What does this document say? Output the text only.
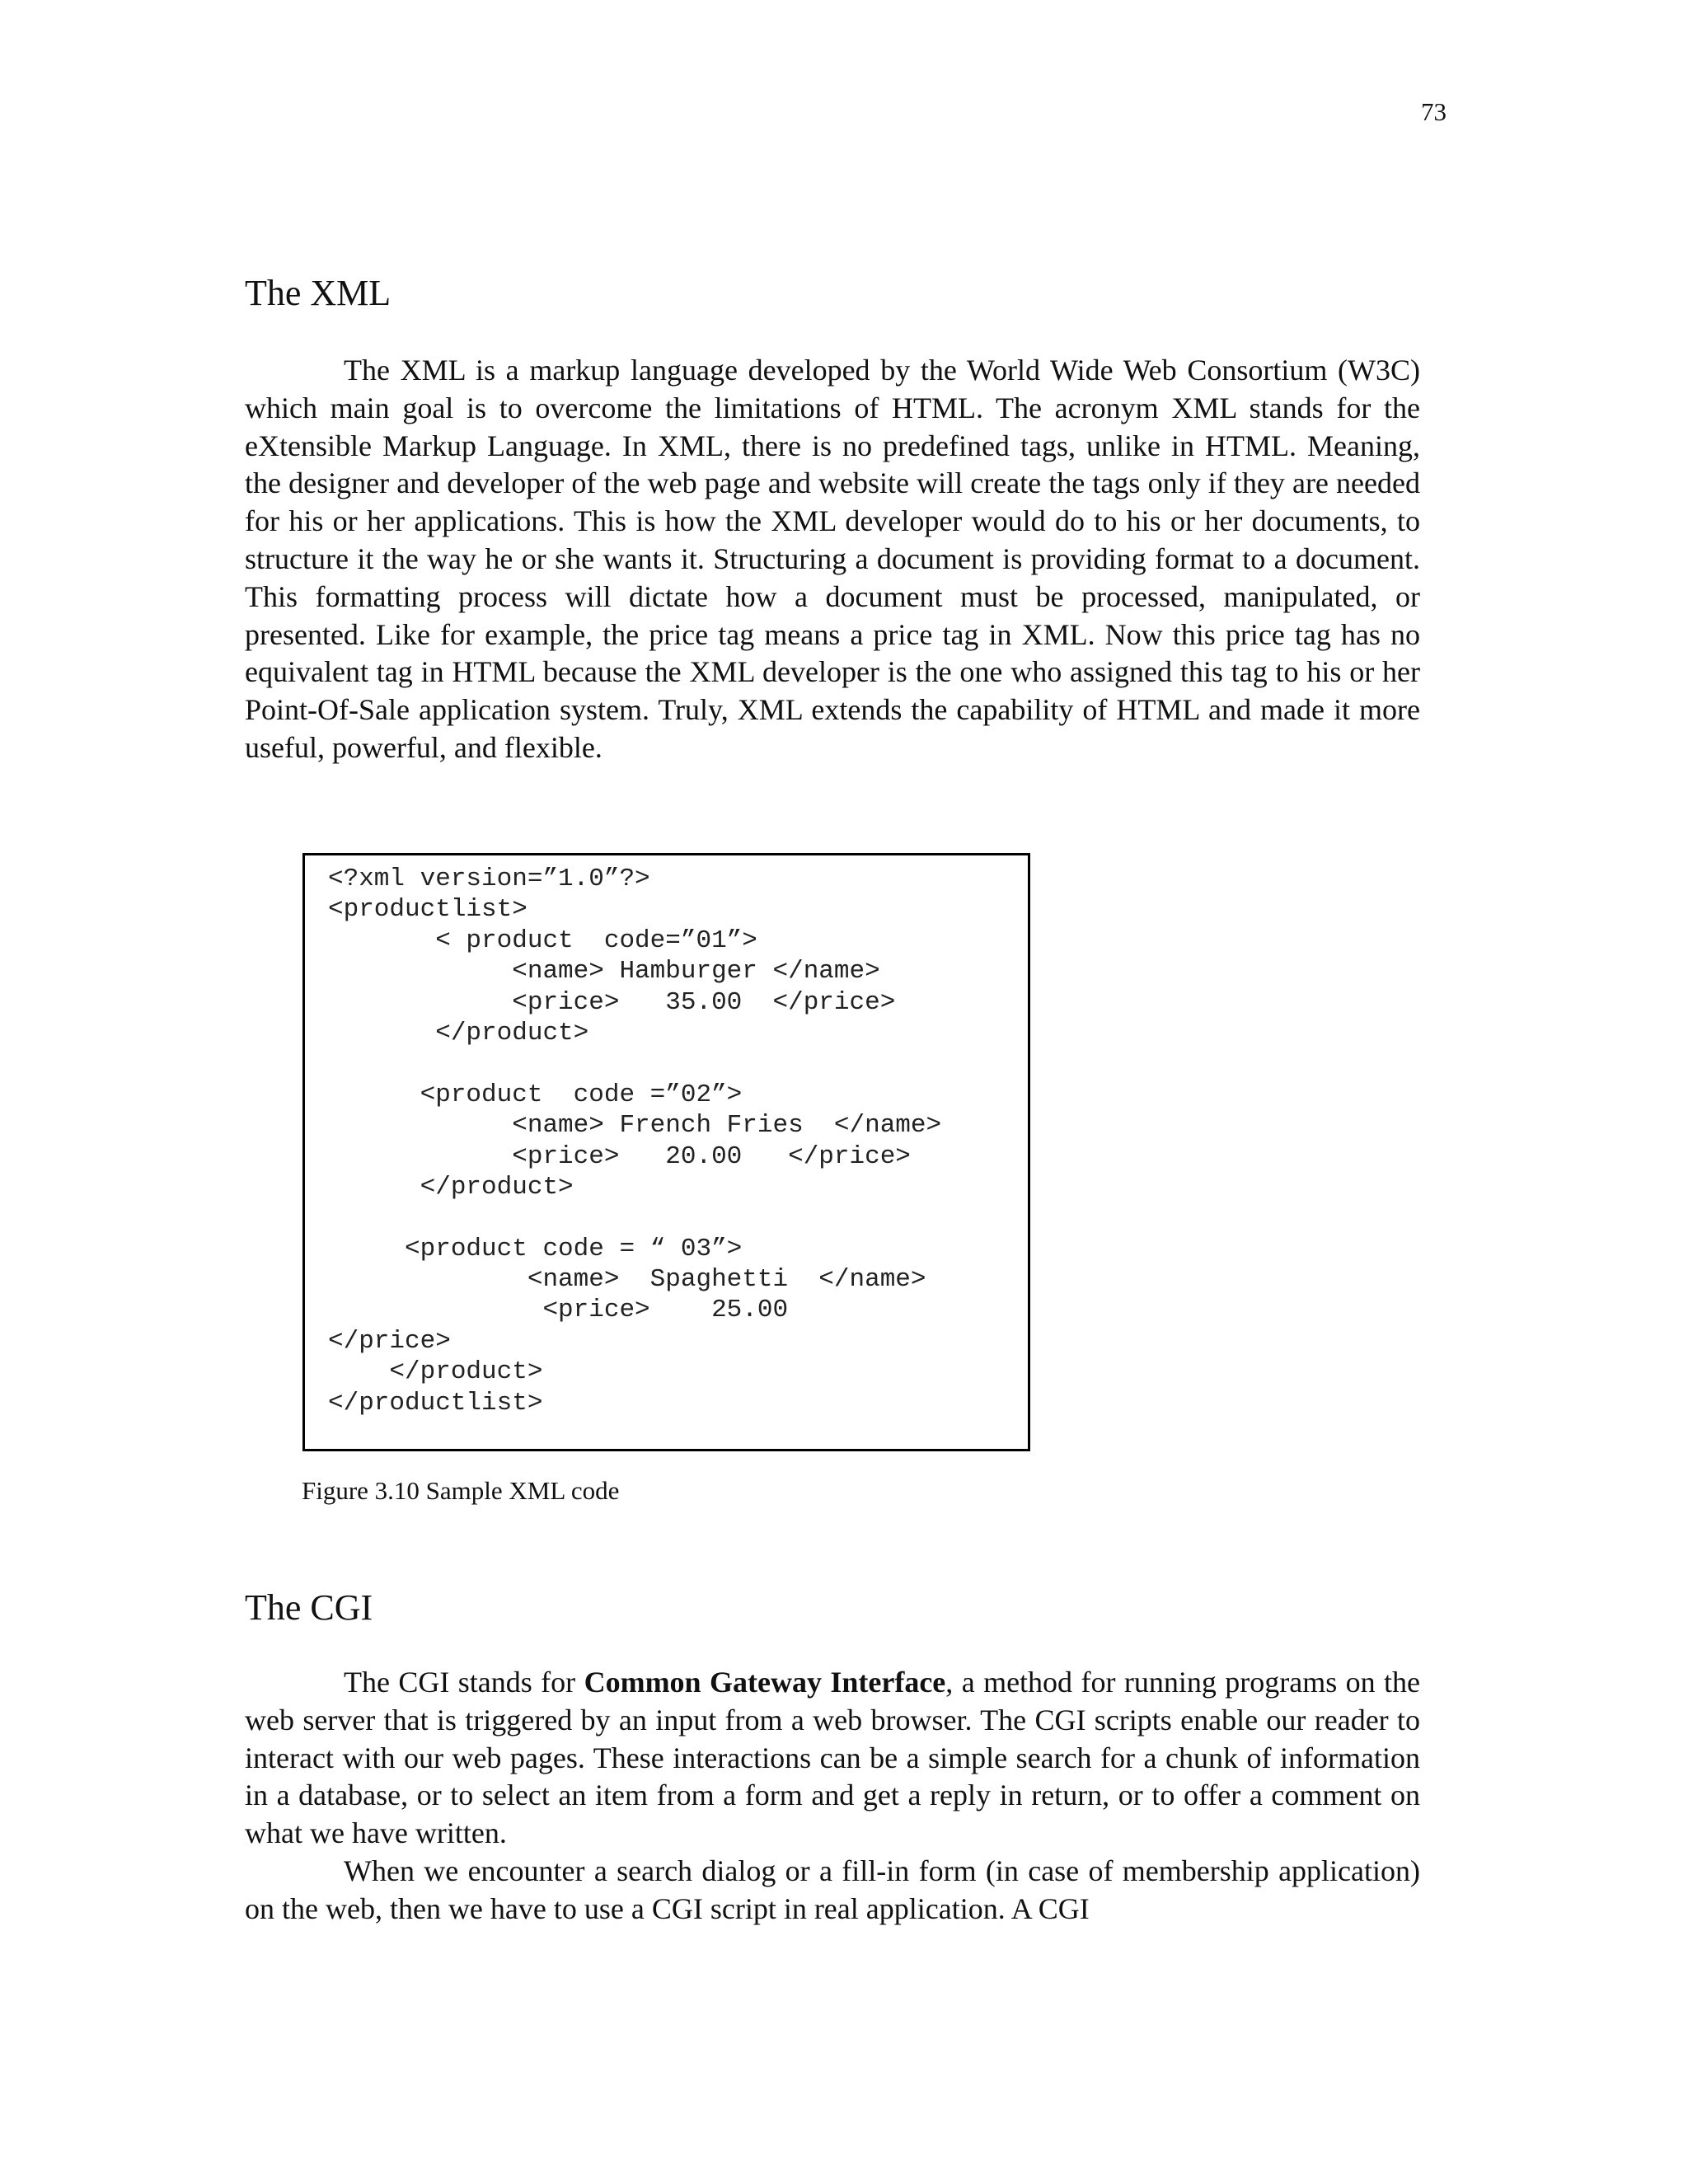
73
The XML

The XML is a markup language developed by the World Wide Web Consortium (W3C) which main goal is to overcome the limitations of HTML. The acronym XML stands for the eXtensible Markup Language. In XML, there is no predefined tags, unlike in HTML. Meaning, the designer and developer of the web page and website will create the tags only if they are needed for his or her applications. This is how the XML developer would do to his or her documents, to structure it the way he or she wants it. Structuring a document is providing format to a document. This formatting process will dictate how a document must be processed, manipulated, or presented. Like for example, the price tag means a price tag in XML. Now this price tag has no equivalent tag in HTML because the XML developer is the one who assigned this tag to his or her Point-Of-Sale application system. Truly, XML extends the capability of HTML and made it more useful, powerful, and flexible.

<?xml version=”1.0”?>
<productlist>
< product  code=”01”>
<name> Hamburger </name>
<price>   35.00  </price>
</product>
<product  code =”02”>
<name> French Fries  </name>
<price>   20.00   </price>
</product>
<product code = “ 03”>
<name>  Spaghetti  </name>
<price>    25.00
</price>
</product>
</productlist>
Figure 3.10 Sample XML code
The CGI

The CGI stands for Common Gateway Interface, a method for running programs on the web server that is triggered by an input from a web browser. The CGI scripts enable our reader to interact with our web pages. These interactions can be a simple search for a chunk of information in a database, or to select an item from a form and get a reply in return, or to offer a comment on what we have written.

When we encounter a search dialog or a fill-in form (in case of membership application) on the web, then we have to use a CGI script in real application. A CGI
